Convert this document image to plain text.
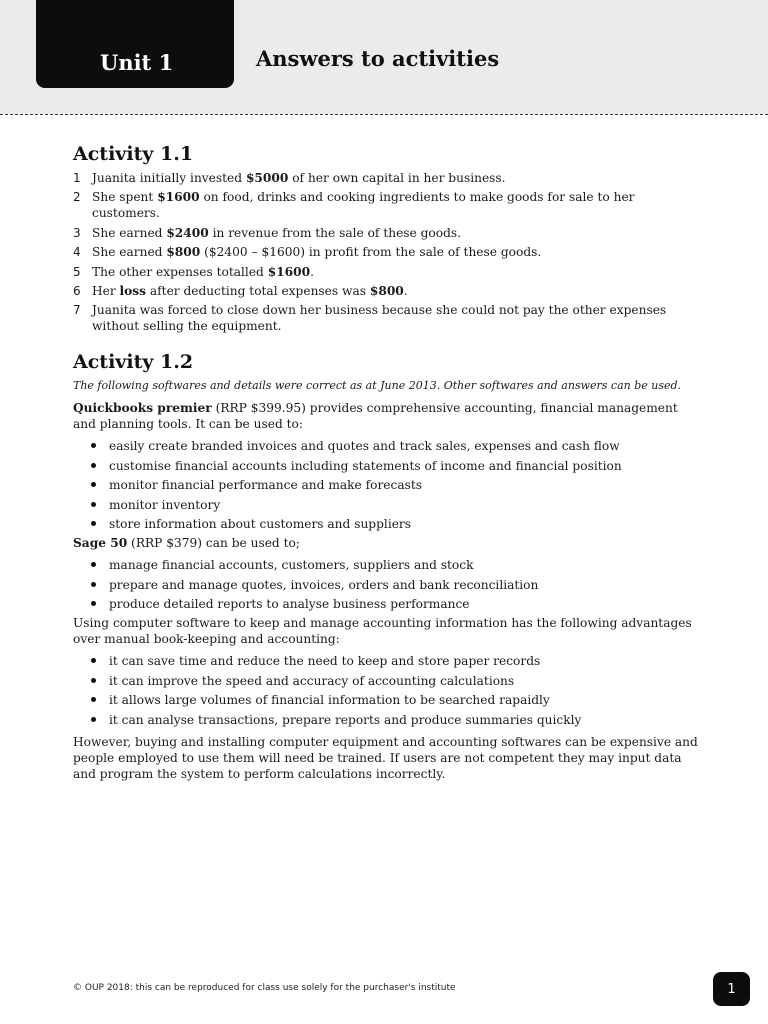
Unit 1	Answers to activities
Activity 1.1
1 Juanita initially invested $5000 of her own capital in her business.
2 She spent $1600 on food, drinks and cooking ingredients to make goods for sale to her customers.
3 She earned $2400 in revenue from the sale of these goods.
4 She earned $800 ($2400 – $1600) in profit from the sale of these goods.
5 The other expenses totalled $1600.
6 Her loss after deducting total expenses was $800.
7 Juanita was forced to close down her business because she could not pay the other expenses without selling the equipment.
Activity 1.2

The following softwares and details were correct as at June 2013. Other softwares and answers can be used.

Quickbooks premier (RRP $399.95) provides comprehensive accounting, financial management and planning tools. It can be used to:

easily create branded invoices and quotes and track sales, expenses and cash flow
customise financial accounts including statements of income and financial position
monitor financial performance and make forecasts
monitor inventory
store information about customers and suppliers

Sage 50 (RRP $379) can be used to;

manage financial accounts, customers, suppliers and stock
prepare and manage quotes, invoices, orders and bank reconciliation
produce detailed reports to analyse business performance

Using computer software to keep and manage accounting information has the following advantages over manual book-keeping and accounting:

it can save time and reduce the need to keep and store paper records
it can improve the speed and accuracy of accounting calculations
it allows large volumes of financial information to be searched rapaidly
it can analyse transactions, prepare reports and produce summaries quickly

However, buying and installing computer equipment and accounting softwares can be expensive and people employed to use them will need be trained. If users are not competent they may input data and program the system to perform calculations incorrectly.

© OUP 2018: this can be reproduced for class use solely for the purchaser's institute	1
